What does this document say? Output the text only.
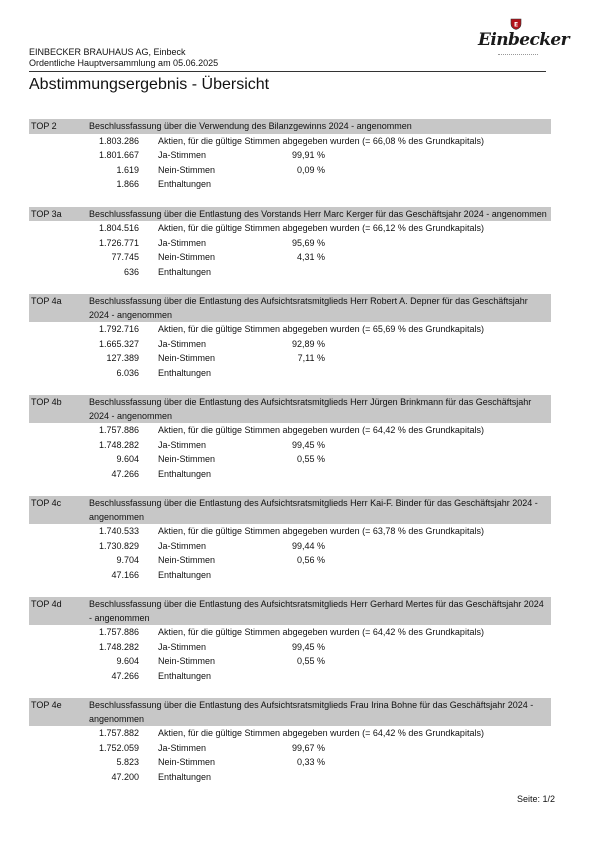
EINBECKER BRAUHAUS AG, Einbeck
Ordentliche Hauptversammlung am 05.06.2025
E
Einbecker
Abstimmungsergebnis - Übersicht
TOP 2	Beschlussfassung über die Verwendung des Bilanzgewinns 2024 - angenommen
1.803.286	Aktien, für die gültige Stimmen abgegeben wurden (= 66,08 % des Grundkapitals)
1.801.667	Ja-Stimmen	99,91 %
1.619	Nein-Stimmen	0,09 %
1.866	Enthaltungen
TOP 3a	Beschlussfassung über die Entlastung des Vorstands Herr Marc Kerger für das Geschäftsjahr 2024 - angenommen
1.804.516	Aktien, für die gültige Stimmen abgegeben wurden (= 66,12 % des Grundkapitals)
1.726.771	Ja-Stimmen	95,69 %
77.745	Nein-Stimmen	4,31 %
636	Enthaltungen
TOP 4a	Beschlussfassung über die Entlastung des Aufsichtsratsmitglieds Herr Robert A. Depner für das Geschäftsjahr 2024 - angenommen
1.792.716	Aktien, für die gültige Stimmen abgegeben wurden (= 65,69 % des Grundkapitals)
1.665.327	Ja-Stimmen	92,89 %
127.389	Nein-Stimmen	7,11 %
6.036	Enthaltungen
TOP 4b	Beschlussfassung über die Entlastung des Aufsichtsratsmitglieds Herr Jürgen Brinkmann für das Geschäftsjahr 2024 - angenommen
1.757.886	Aktien, für die gültige Stimmen abgegeben wurden (= 64,42 % des Grundkapitals)
1.748.282	Ja-Stimmen	99,45 %
9.604	Nein-Stimmen	0,55 %
47.266	Enthaltungen
TOP 4c	Beschlussfassung über die Entlastung des Aufsichtsratsmitglieds Herr Kai-F. Binder für das Geschäftsjahr 2024 - angenommen
1.740.533	Aktien, für die gültige Stimmen abgegeben wurden (= 63,78 % des Grundkapitals)
1.730.829	Ja-Stimmen	99,44 %
9.704	Nein-Stimmen	0,56 %
47.166	Enthaltungen
TOP 4d	Beschlussfassung über die Entlastung des Aufsichtsratsmitglieds Herr Gerhard Mertes für das Geschäftsjahr 2024 - angenommen
1.757.886	Aktien, für die gültige Stimmen abgegeben wurden (= 64,42 % des Grundkapitals)
1.748.282	Ja-Stimmen	99,45 %
9.604	Nein-Stimmen	0,55 %
47.266	Enthaltungen
TOP 4e	Beschlussfassung über die Entlastung des Aufsichtsratsmitglieds Frau Irina Bohne für das Geschäftsjahr 2024 - angenommen
1.757.882	Aktien, für die gültige Stimmen abgegeben wurden (= 64,42 % des Grundkapitals)
1.752.059	Ja-Stimmen	99,67 %
5.823	Nein-Stimmen	0,33 %
47.200	Enthaltungen
Seite: 1/2
